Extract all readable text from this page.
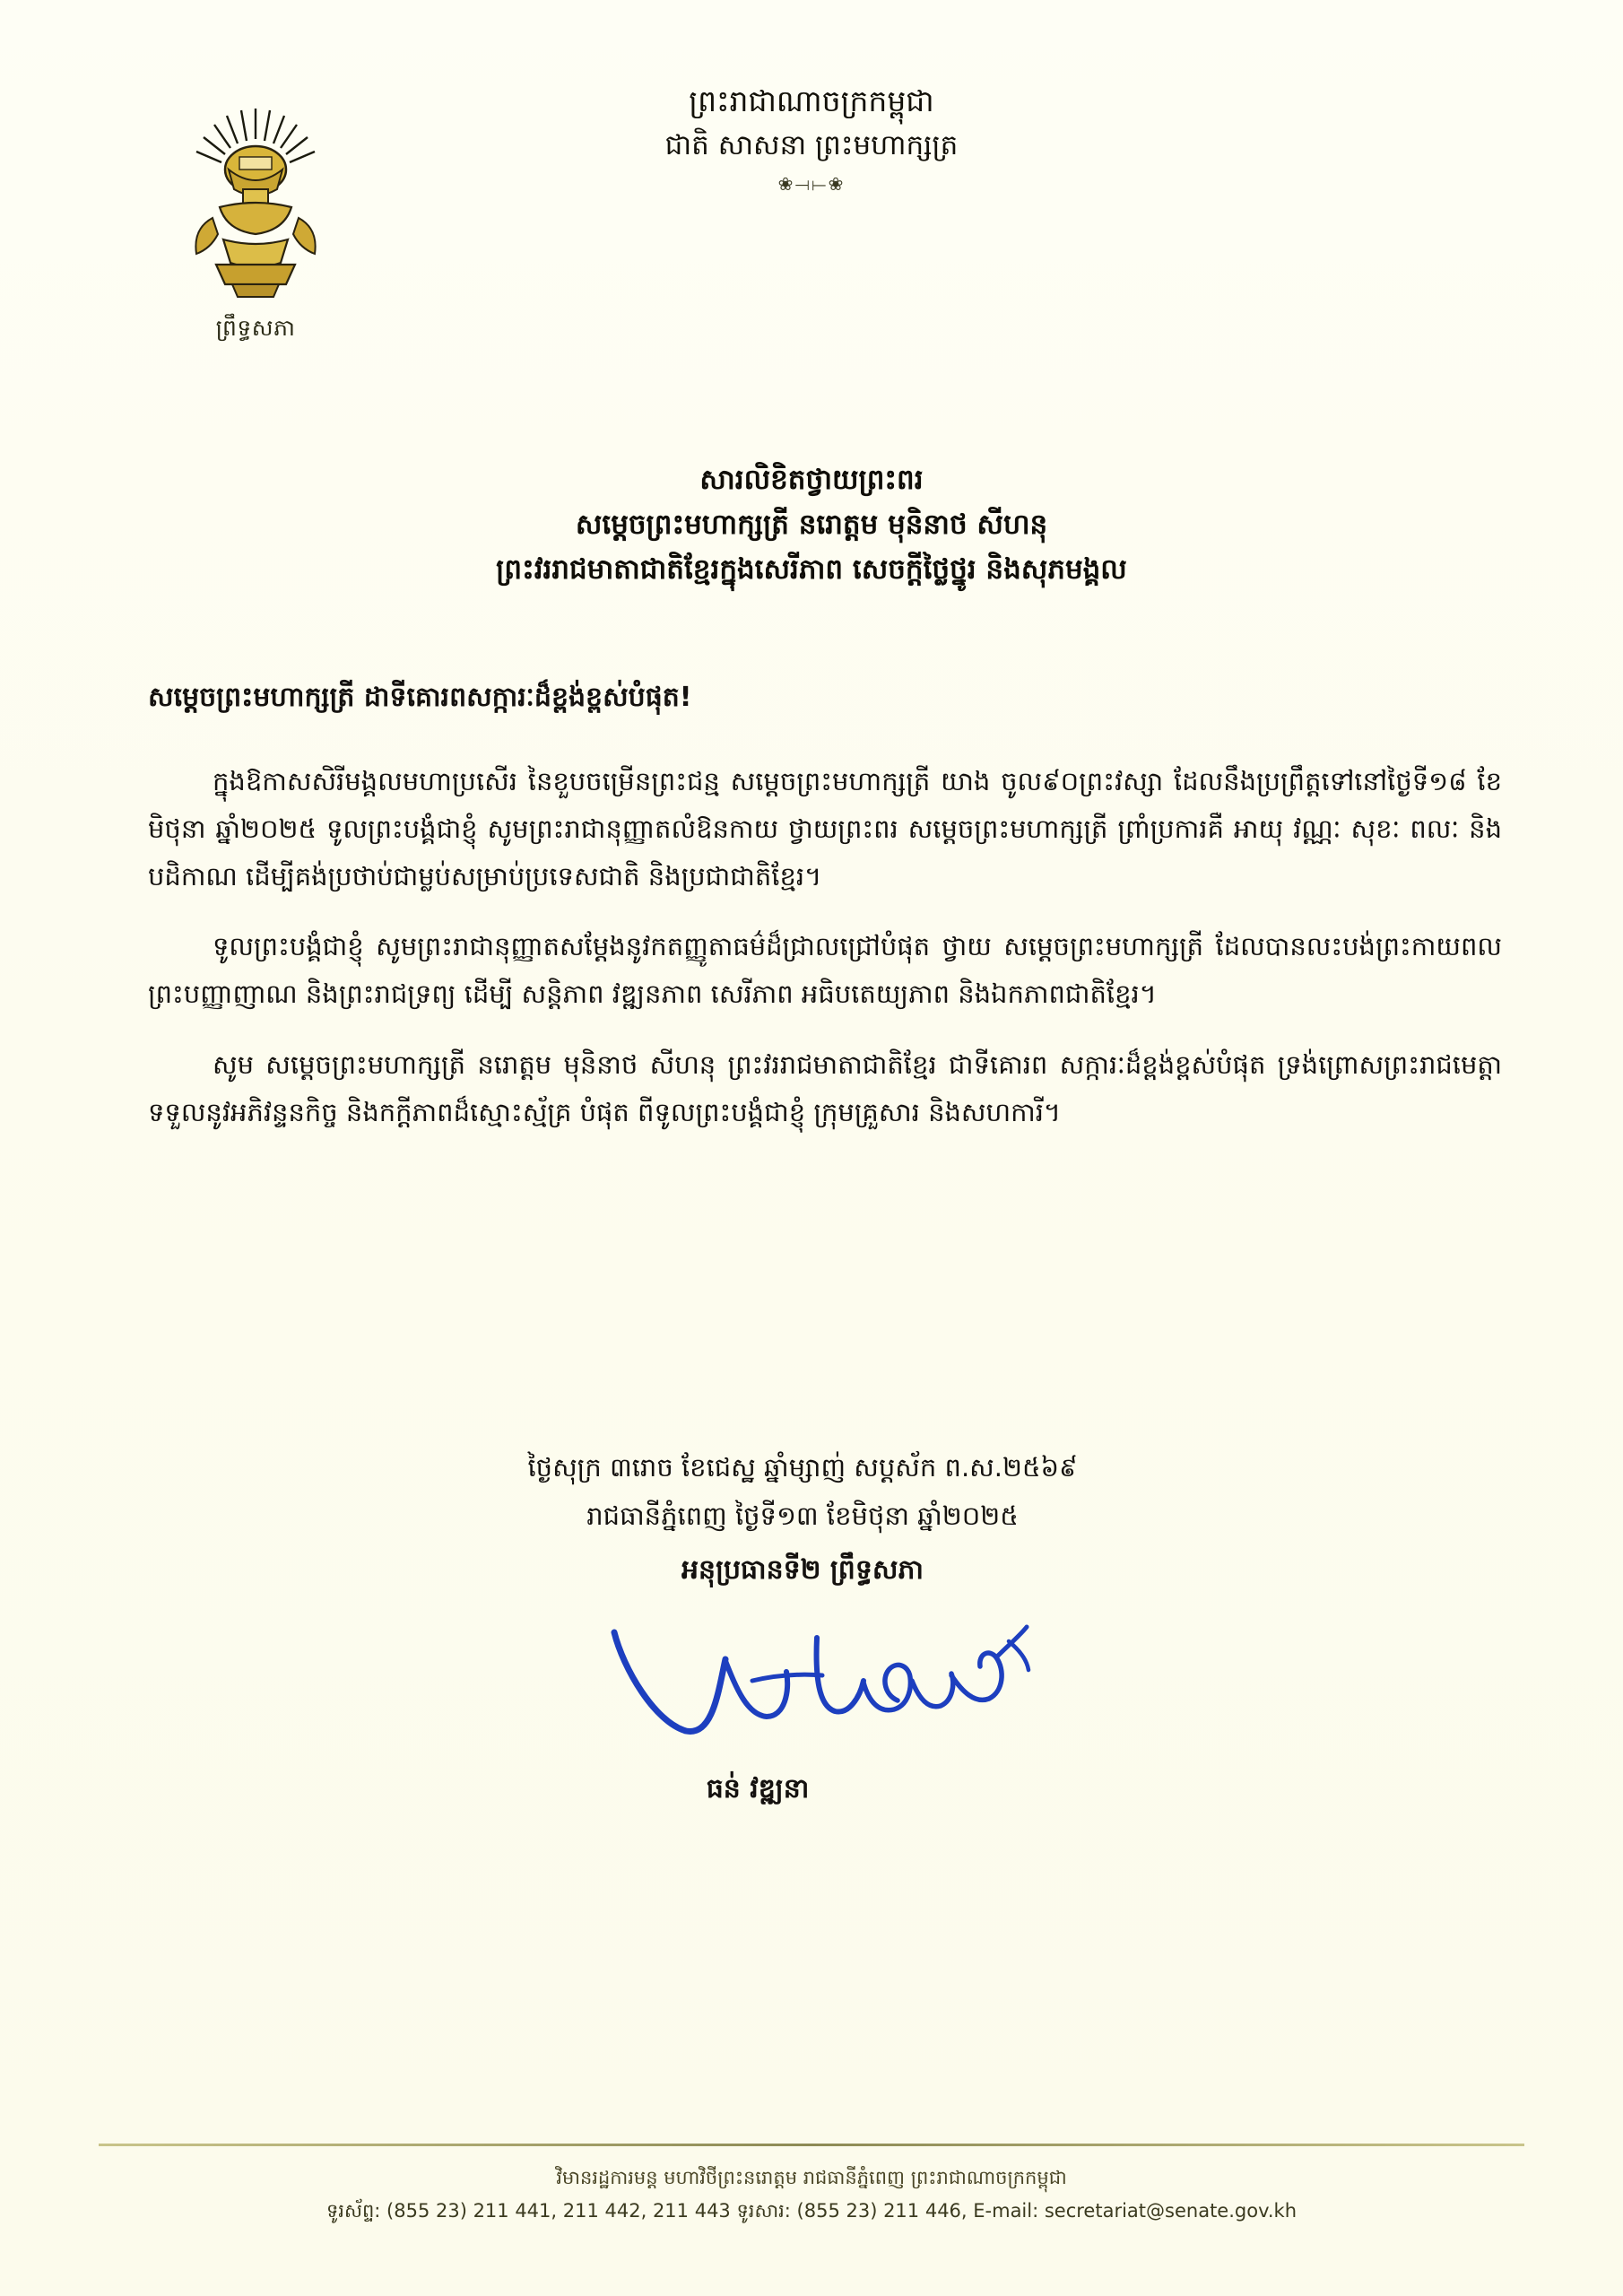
ព្រឹទ្ធសភា
ព្រះរាជាណាចក្រកម្ពុជា
ជាតិ សាសនា ព្រះមហាក្សត្រ
❀⟞⟝❀
សារលិខិតថ្វាយព្រះពរ
សម្ដេចព្រះមហាក្សត្រី នរោត្តម មុនិនាថ សីហនុ
ព្រះវររាជមាតាជាតិខ្មែរក្នុងសេរីភាព សេចក្ដីថ្លៃថ្នូរ និងសុភមង្គល
សម្ដេចព្រះមហាក្សត្រី ដាទីគោរពសក្ការៈដ៏ខ្ពង់ខ្ពស់បំផុត!

ក្នុងឱកាសសិរីមង្គលមហាប្រសើរ នៃខួបចម្រើនព្រះជន្ម សម្ដេចព្រះមហាក្សត្រី យាង ចូល៩០ព្រះវស្សា ដែលនឹងប្រព្រឹត្តទៅនៅថ្ងៃទី១៨ ខែមិថុនា ឆ្នាំ២០២៥ ទូលព្រះបង្គំជាខ្ញុំ សូមព្រះរាជានុញ្ញាតលំឱនកាយ ថ្វាយព្រះពរ សម្ដេចព្រះមហាក្សត្រី ព្រាំប្រការគឺ អាយុ វណ្ណៈ សុខៈ ពលៈ និងបដិកាណ ដើម្បីគង់ប្រថាប់ជាម្លប់សម្រាប់ប្រទេសជាតិ និងប្រជាជាតិខ្មែរ។

ទូលព្រះបង្គំជាខ្ញុំ សូមព្រះរាជានុញ្ញាតសម្ដែងនូវកតញ្ញូតាធម៌ដ៏ជ្រាលជ្រៅបំផុត ថ្វាយ សម្ដេចព្រះមហាក្សត្រី ដែលបានលះបង់ព្រះកាយពល ព្រះបញ្ញាញាណ និងព្រះរាជទ្រព្យ ដើម្បី សន្តិភាព វឌ្ឍនភាព សេរីភាព អធិបតេយ្យភាព និងឯកភាពជាតិខ្មែរ។

សូម សម្ដេចព្រះមហាក្សត្រី នរោត្តម មុនិនាថ សីហនុ ព្រះវររាជមាតាជាតិខ្មែរ ជាទីគោរព សក្ការៈដ៏ខ្ពង់ខ្ពស់បំផុត ទ្រង់ព្រោសព្រះរាជមេត្តាទទួលនូវអភិវន្ទនកិច្ច និងកក្តីភាពដ៏ស្មោះស្ម័គ្រ បំផុត ពីទូលព្រះបង្គំជាខ្ញុំ ក្រុមគ្រួសារ និងសហការី។

ថ្ងៃសុក្រ ៣រោច ខែជេស្ឋ ឆ្នាំម្សាញ់ សប្តស័ក ព.ស.២៥៦៩
រាជធានីភ្នំពេញ ថ្ងៃទី១៣ ខែមិថុនា ឆ្នាំ២០២៥
អនុប្រធានទី២ ព្រឹទ្ធសភា
ធន់ វឌ្ឍនា
វិមានរដ្ឋការមន្ត មហាវិថីព្រះនរោត្តម រាជធានីភ្នំពេញ ព្រះរាជាណាចក្រកម្ពុជា
ទូរស័ព្ទ: (855 23) 211 441, 211 442, 211 443 ទូរសារ: (855 23) 211 446, E-mail: secretariat@senate.gov.kh
